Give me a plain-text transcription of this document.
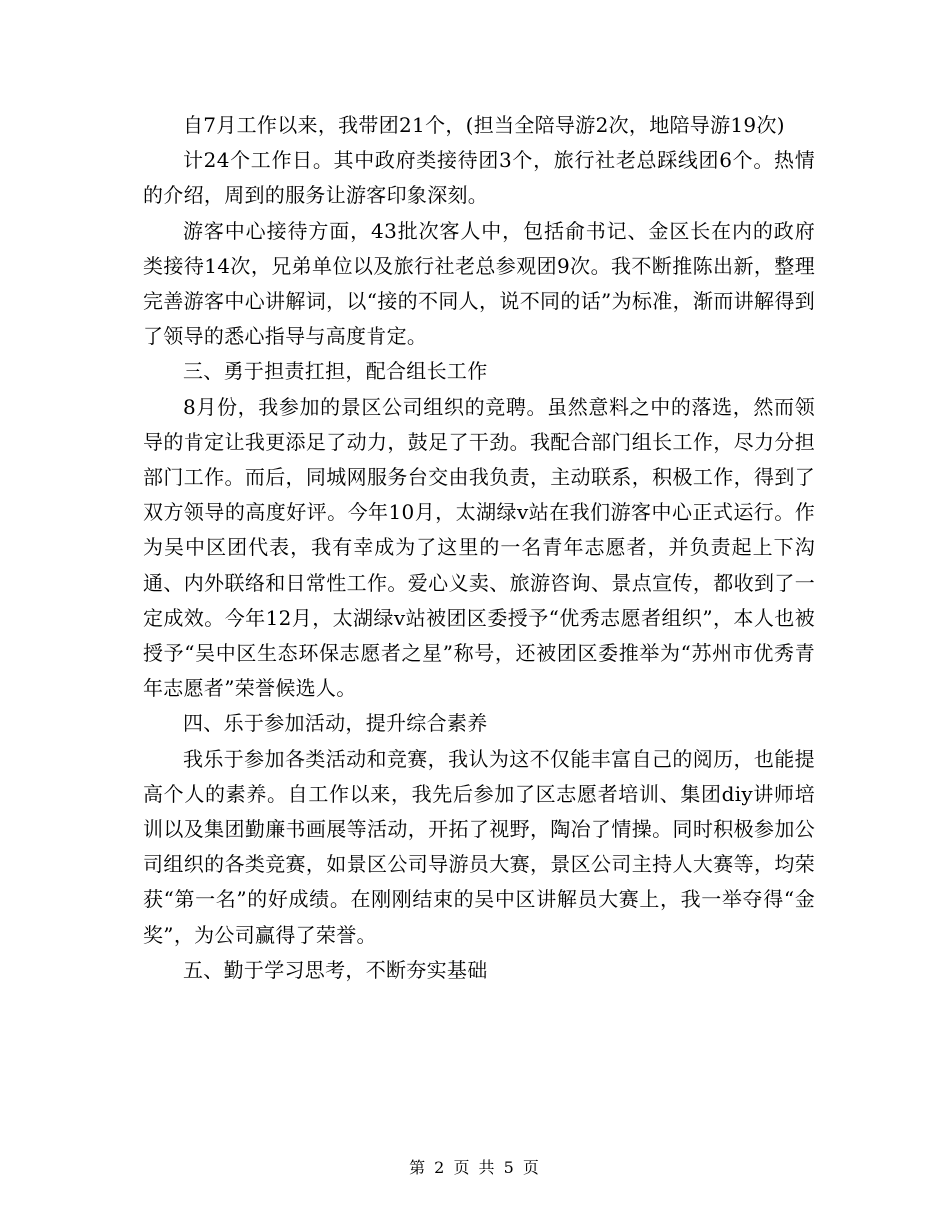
自7月工作以来，我带团21个，(担当全陪导游2次，地陪导游19次)

计24个工作日。其中政府类接待团3个，旅行社老总踩线团6个。热情的介绍，周到的服务让游客印象深刻。

游客中心接待方面，43批次客人中，包括俞书记、金区长在内的政府类接待14次，兄弟单位以及旅行社老总参观团9次。我不断推陈出新，整理完善游客中心讲解词，以“接的不同人，说不同的话”为标准，渐而讲解得到了领导的悉心指导与高度肯定。

三、勇于担责扛担，配合组长工作

8月份，我参加的景区公司组织的竞聘。虽然意料之中的落选，然而领导的肯定让我更添足了动力，鼓足了干劲。我配合部门组长工作，尽力分担部门工作。而后，同城网服务台交由我负责，主动联系，积极工作，得到了双方领导的高度好评。今年10月，太湖绿v站在我们游客中心正式运行。作为吴中区团代表，我有幸成为了这里的一名青年志愿者，并负责起上下沟通、内外联络和日常性工作。爱心义卖、旅游咨询、景点宣传，都收到了一定成效。今年12月，太湖绿v站被团区委授予“优秀志愿者组织”，本人也被授予“吴中区生态环保志愿者之星”称号，还被团区委推举为“苏州市优秀青年志愿者”荣誉候选人。

四、乐于参加活动，提升综合素养

我乐于参加各类活动和竞赛，我认为这不仅能丰富自己的阅历，也能提高个人的素养。自工作以来，我先后参加了区志愿者培训、集团diy讲师培训以及集团勤廉书画展等活动，开拓了视野，陶冶了情操。同时积极参加公司组织的各类竞赛，如景区公司导游员大赛，景区公司主持人大赛等，均荣获“第一名”的好成绩。在刚刚结束的吴中区讲解员大赛上，我一举夺得“金奖”，为公司赢得了荣誉。

五、勤于学习思考，不断夯实基础

第 2 页 共 5 页
